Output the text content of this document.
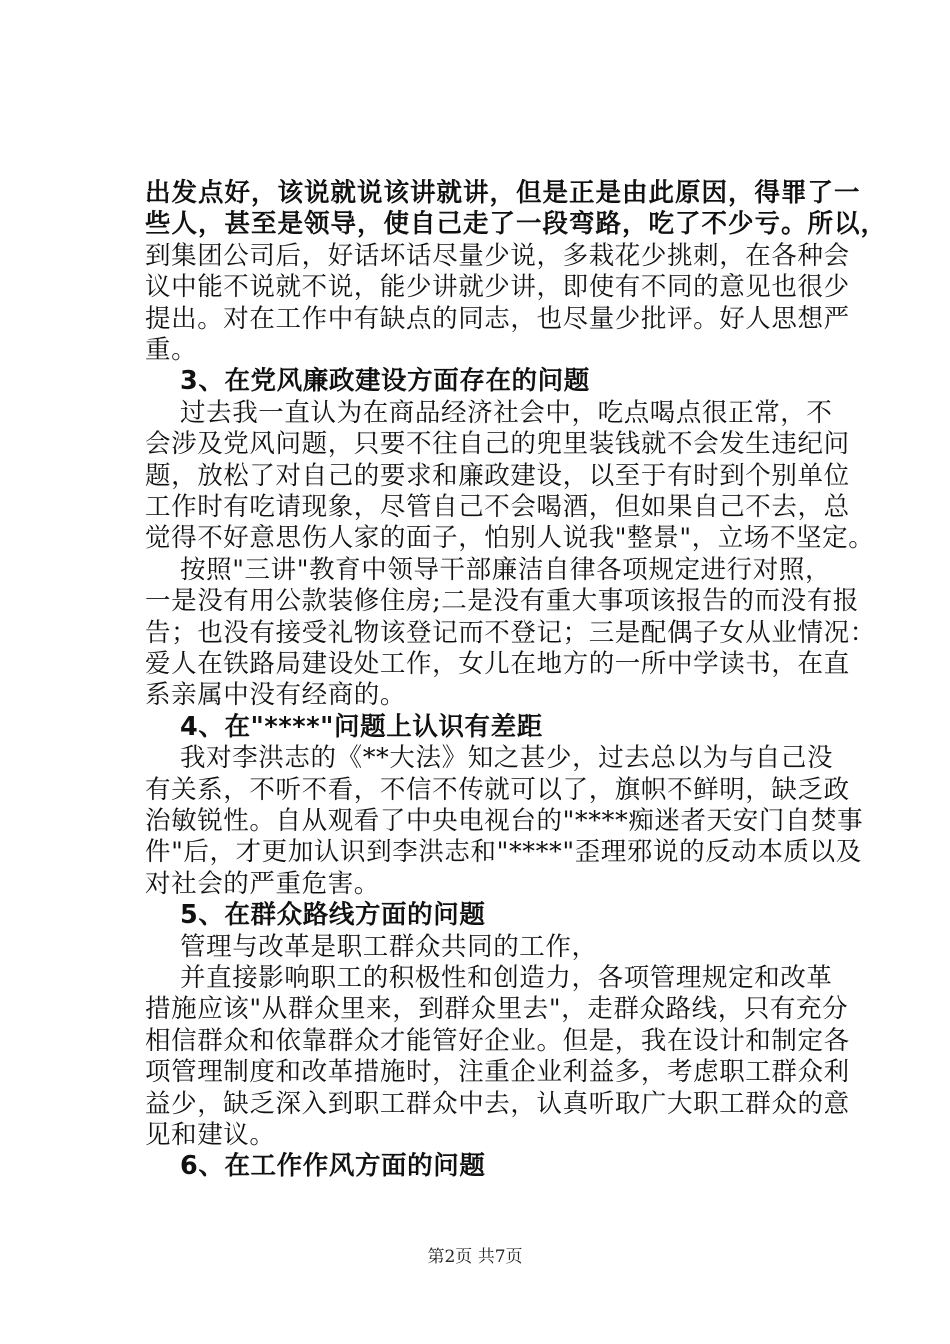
出发点好，该说就说该讲就讲，但是正是由此原因，得罪了一
些人，甚至是领导，使自己走了一段弯路，吃了不少亏。所以，
到集团公司后，好话坏话尽量少说，多栽花少挑刺，在各种会
议中能不说就不说，能少讲就少讲，即使有不同的意见也很少
提出。对在工作中有缺点的同志，也尽量少批评。好人思想严
重。
3、在党风廉政建设方面存在的问题
过去我一直认为在商品经济社会中，吃点喝点很正常，不
会涉及党风问题，只要不往自己的兜里装钱就不会发生违纪问
题，放松了对自己的要求和廉政建设，以至于有时到个别单位
工作时有吃请现象，尽管自己不会喝酒，但如果自己不去，总
觉得不好意思伤人家的面子，怕别人说我"整景"，立场不坚定。
按照"三讲"教育中领导干部廉洁自律各项规定进行对照，
一是没有用公款装修住房;二是没有重大事项该报告的而没有报
告；也没有接受礼物该登记而不登记；三是配偶子女从业情况：
爱人在铁路局建设处工作，女儿在地方的一所中学读书，在直
系亲属中没有经商的。
4、在"****"问题上认识有差距
我对李洪志的《**大法》知之甚少，过去总以为与自己没
有关系，不听不看，不信不传就可以了，旗帜不鲜明，缺乏政
治敏锐性。自从观看了中央电视台的"****痴迷者天安门自焚事
件"后，才更加认识到李洪志和"****"歪理邪说的反动本质以及
对社会的严重危害。
5、在群众路线方面的问题
管理与改革是职工群众共同的工作，
并直接影响职工的积极性和创造力，各项管理规定和改革
措施应该"从群众里来，到群众里去"，走群众路线，只有充分
相信群众和依靠群众才能管好企业。但是，我在设计和制定各
项管理制度和改革措施时，注重企业利益多，考虑职工群众利
益少，缺乏深入到职工群众中去，认真听取广大职工群众的意
见和建议。
第2页 共7页
6、在工作作风方面的问题
